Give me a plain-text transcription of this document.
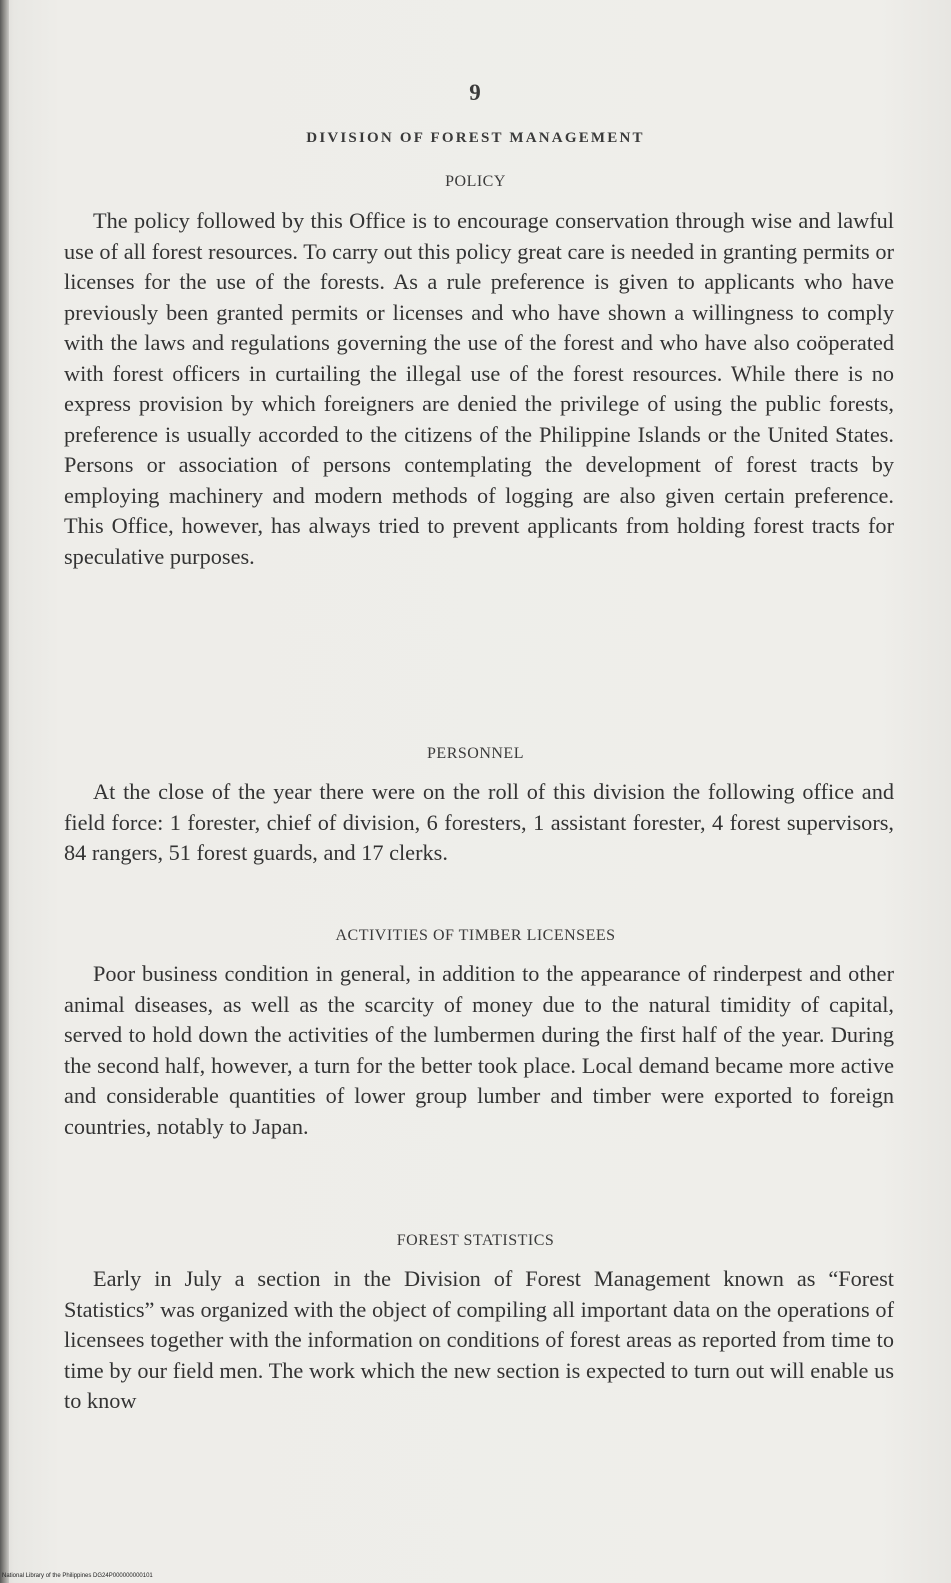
9
DIVISION OF FOREST MANAGEMENT
POLICY

The policy followed by this Office is to encourage conservation through wise and lawful use of all forest resources. To carry out this policy great care is needed in granting permits or licenses for the use of the forests. As a rule preference is given to applicants who have previously been granted permits or licenses and who have shown a willingness to comply with the laws and regulations governing the use of the forest and who have also coöperated with forest officers in curtailing the illegal use of the forest resources. While there is no express provision by which foreigners are denied the privilege of using the public forests, preference is usually accorded to the citizens of the Philippine Islands or the United States. Persons or association of persons contemplating the development of forest tracts by employing machinery and modern methods of logging are also given certain preference. This Office, however, has always tried to prevent applicants from holding forest tracts for speculative purposes.

PERSONNEL

At the close of the year there were on the roll of this division the following office and field force: 1 forester, chief of division, 6 foresters, 1 assistant forester, 4 forest supervisors, 84 rangers, 51 forest guards, and 17 clerks.

ACTIVITIES OF TIMBER LICENSEES

Poor business condition in general, in addition to the appearance of rinderpest and other animal diseases, as well as the scarcity of money due to the natural timidity of capital, served to hold down the activities of the lumbermen during the first half of the year. During the second half, however, a turn for the better took place. Local demand became more active and considerable quantities of lower group lumber and timber were exported to foreign countries, notably to Japan.

FOREST STATISTICS

Early in July a section in the Division of Forest Management known as “Forest Statistics” was organized with the object of compiling all important data on the operations of licensees together with the information on conditions of forest areas as reported from time to time by our field men. The work which the new section is expected to turn out will enable us to know

National Library of the Philippines DG24P000000000101
